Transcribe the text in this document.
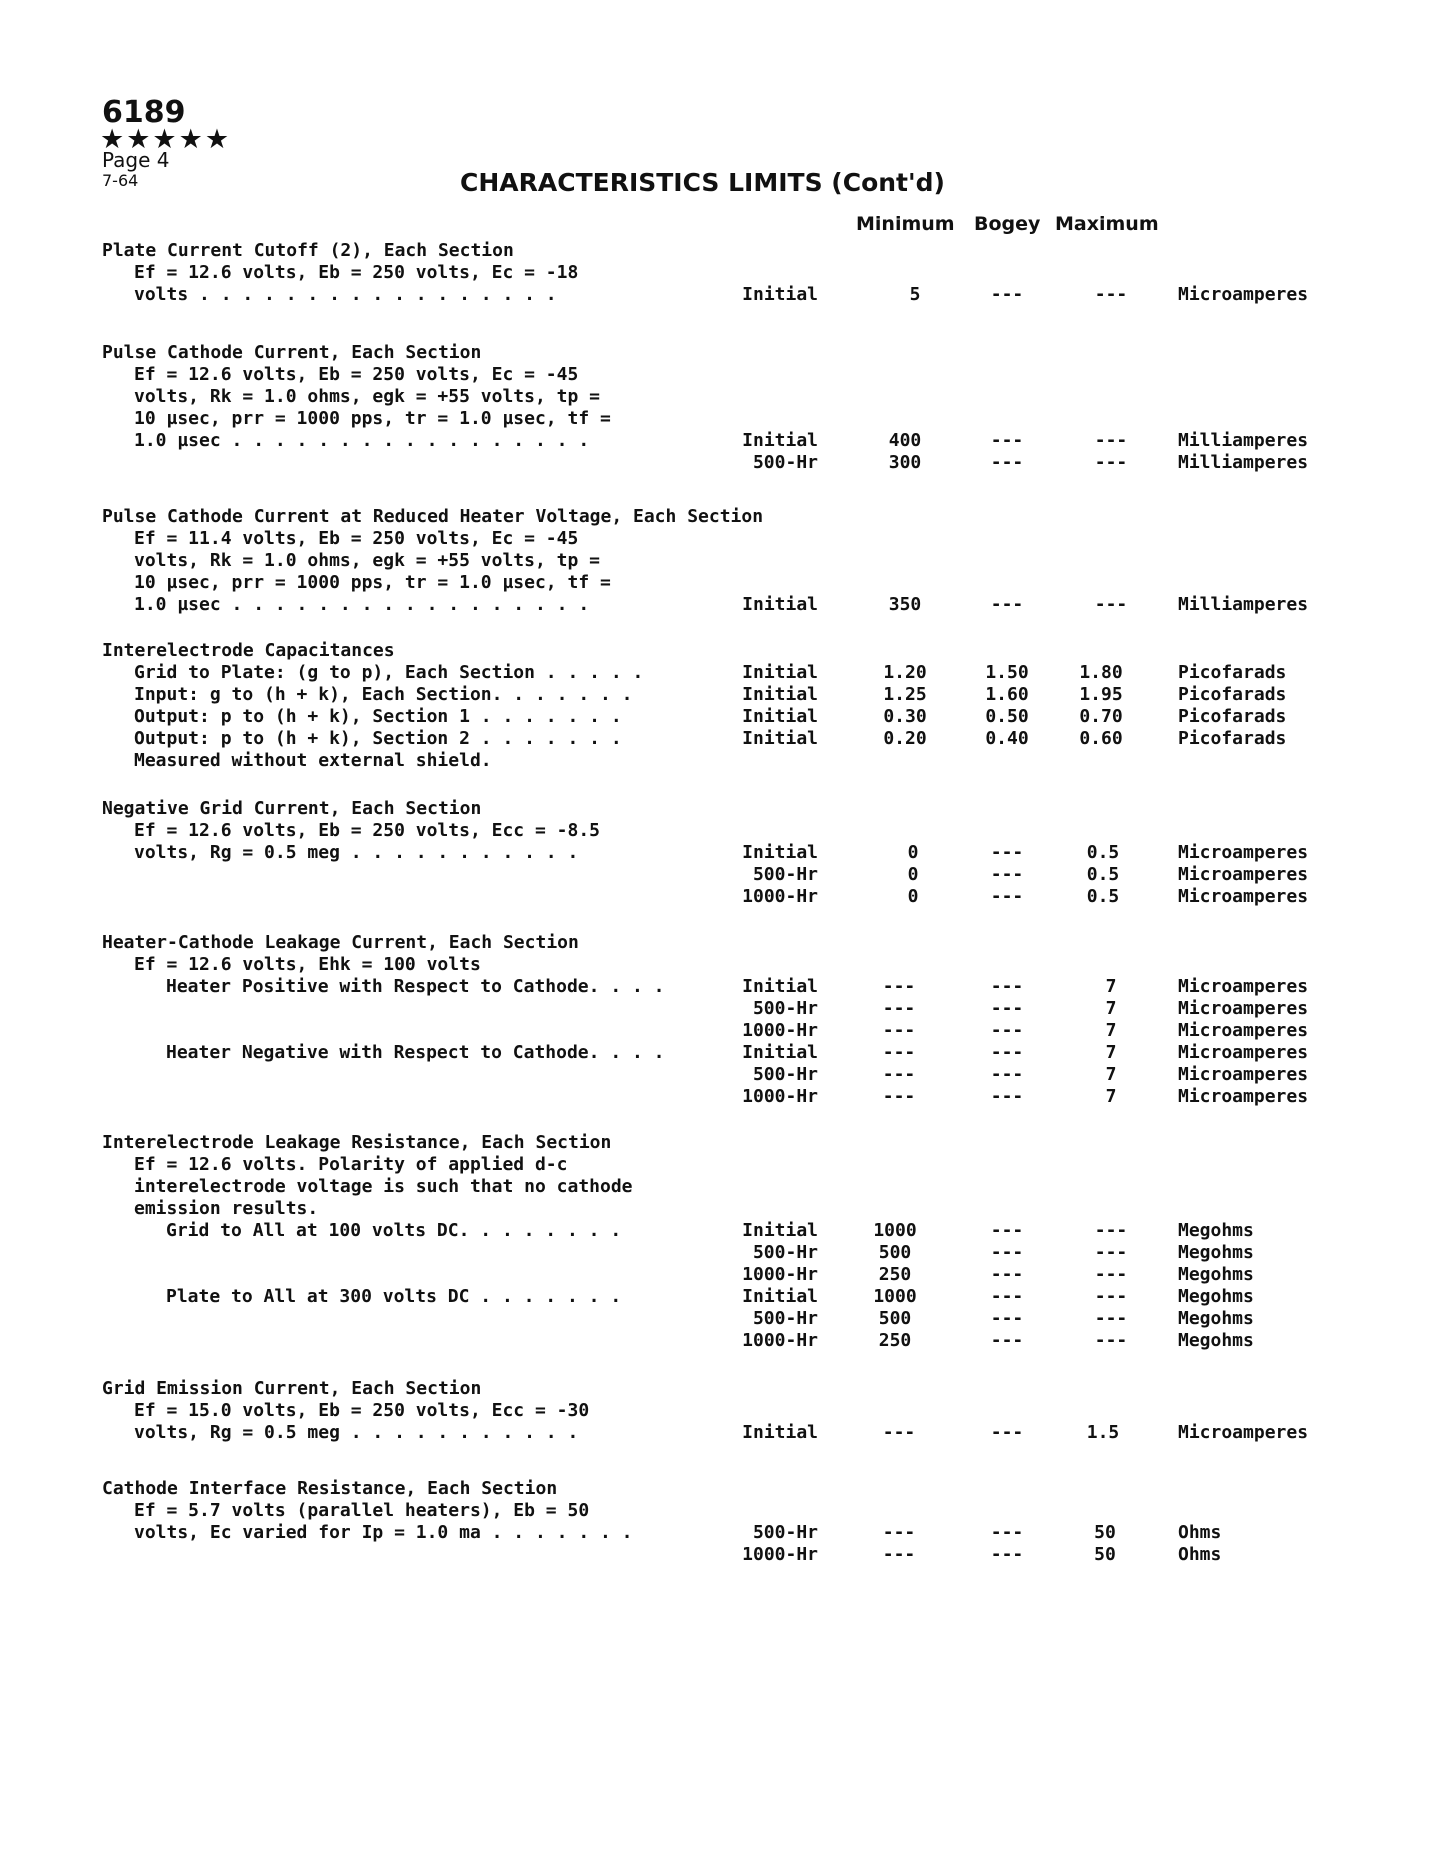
6189
★★★★★
Page 4
7-64	CHARACTERISTICS LIMITS (Cont'd)
Minimum Bogey Maximum
Plate Current Cutoff (2), Each Section
Ef = 12.6 volts, Eb = 250 volts, Ec = -18
volts . . . . . . . . . . . . . . . . .	Initial	5	---	---	Microamperes
Pulse Cathode Current, Each Section
Ef = 12.6 volts, Eb = 250 volts, Ec = -45
volts, Rk = 1.0 ohms, egk = +55 volts, tp =
10 µsec, prr = 1000 pps, tr = 1.0 µsec, tf =
1.0 µsec . . . . . . . . . . . . . . . . .	Initial	400	---	---	Milliamperes
500-Hr	300	---	---	Milliamperes
Pulse Cathode Current at Reduced Heater Voltage, Each Section
Ef = 11.4 volts, Eb = 250 volts, Ec = -45
volts, Rk = 1.0 ohms, egk = +55 volts, tp =
10 µsec, prr = 1000 pps, tr = 1.0 µsec, tf =
1.0 µsec . . . . . . . . . . . . . . . . .	Initial	350	---	---	Milliamperes
Interelectrode Capacitances
Grid to Plate: (g to p), Each Section . . . . .	Initial	1.20	1.50	1.80	Picofarads
Input: g to (h + k), Each Section. . . . . . .	Initial	1.25	1.60	1.95	Picofarads
Output: p to (h + k), Section 1 . . . . . . .	Initial	0.30	0.50	0.70	Picofarads
Output: p to (h + k), Section 2 . . . . . . .	Initial	0.20	0.40	0.60	Picofarads
Measured without external shield.
Negative Grid Current, Each Section
Ef = 12.6 volts, Eb = 250 volts, Ecc = -8.5
volts, Rg = 0.5 meg . . . . . . . . . . .	Initial	0	---	0.5	Microamperes
500-Hr	0	---	0.5	Microamperes
1000-Hr	0	---	0.5	Microamperes
Heater-Cathode Leakage Current, Each Section
Ef = 12.6 volts, Ehk = 100 volts
Heater Positive with Respect to Cathode. . . .	Initial	---	---	7	Microamperes
500-Hr	---	---	7	Microamperes
1000-Hr	---	---	7	Microamperes
Heater Negative with Respect to Cathode. . . .	Initial	---	---	7	Microamperes
500-Hr	---	---	7	Microamperes
1000-Hr	---	---	7	Microamperes
Interelectrode Leakage Resistance, Each Section
Ef = 12.6 volts. Polarity of applied d-c
interelectrode voltage is such that no cathode
emission results.
Grid to All at 100 volts DC. . . . . . . .	Initial	1000	---	---	Megohms
500-Hr	500	---	---	Megohms
1000-Hr	250	---	---	Megohms
Plate to All at 300 volts DC . . . . . . .	Initial	1000	---	---	Megohms
500-Hr	500	---	---	Megohms
1000-Hr	250	---	---	Megohms
Grid Emission Current, Each Section
Ef = 15.0 volts, Eb = 250 volts, Ecc = -30
volts, Rg = 0.5 meg . . . . . . . . . . .	Initial	---	---	1.5	Microamperes
Cathode Interface Resistance, Each Section
Ef = 5.7 volts (parallel heaters), Eb = 50
volts, Ec varied for Ip = 1.0 ma . . . . . . .	500-Hr	---	---	50	Ohms
1000-Hr	---	---	50	Ohms
